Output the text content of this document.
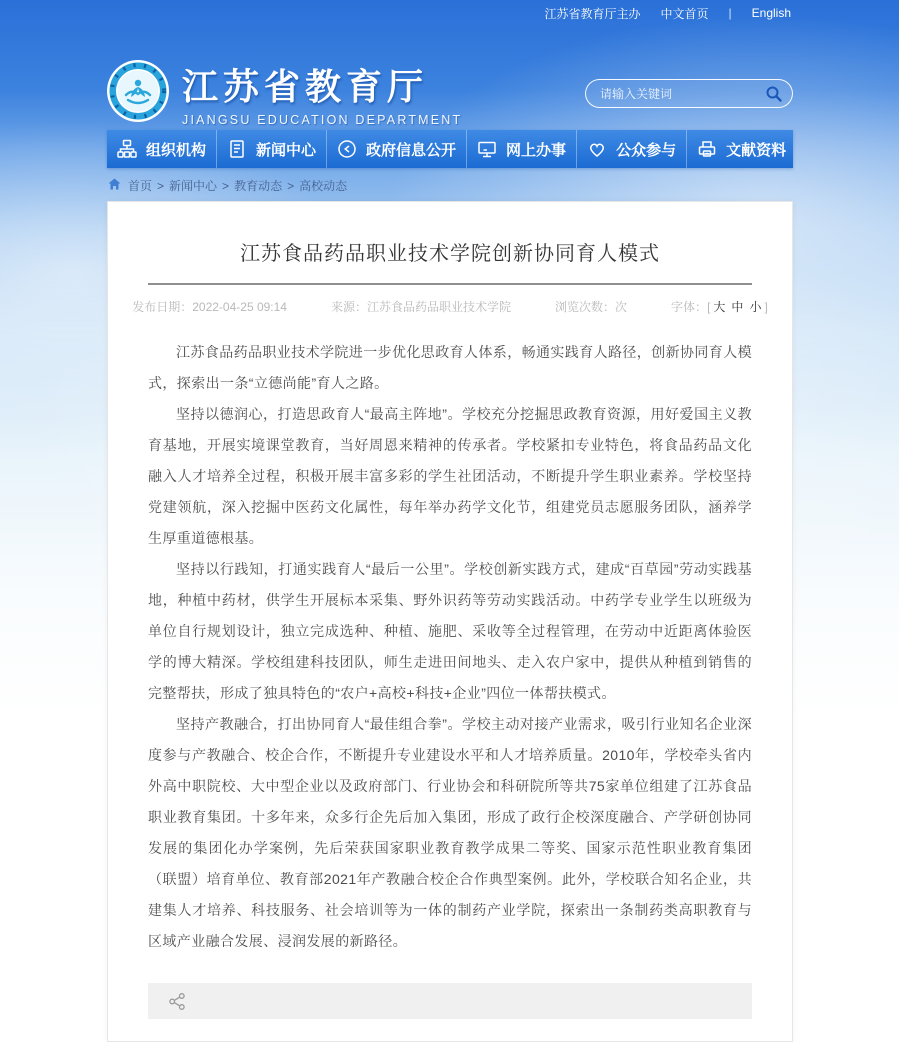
江苏省教育厅主办 中文首页 | English
江苏省教育厅
JIANGSU EDUCATION DEPARTMENT
请输入关键词
组织机构	新闻中心	政府信息公开	网上办事	公众参与	文献资料
首页 > 新闻中心 > 教育动态 > 高校动态
江苏食品药品职业技术学院创新协同育人模式
发布日期：2022-04-25 09:14	来源：江苏食品药品职业技术学院	浏览次数：次	字体：[ 大 中 小 ]

江苏食品药品职业技术学院进一步优化思政育人体系，畅通实践育人路径，创新协同育人模式，探索出一条“立德尚能”育人之路。

坚持以德润心，打造思政育人“最高主阵地”。学校充分挖掘思政教育资源，用好爱国主义教育基地，开展实境课堂教育，当好周恩来精神的传承者。学校紧扣专业特色，将食品药品文化融入人才培养全过程，积极开展丰富多彩的学生社团活动，不断提升学生职业素养。学校坚持党建领航，深入挖掘中医药文化属性，每年举办药学文化节，组建党员志愿服务团队，涵养学生厚重道德根基。

坚持以行践知，打通实践育人“最后一公里”。学校创新实践方式，建成“百草园”劳动实践基地，种植中药材，供学生开展标本采集、野外识药等劳动实践活动。中药学专业学生以班级为单位自行规划设计，独立完成选种、种植、施肥、采收等全过程管理，在劳动中近距离体验医学的博大精深。学校组建科技团队，师生走进田间地头、走入农户家中，提供从种植到销售的完整帮扶，形成了独具特色的“农户+高校+科技+企业”四位一体帮扶模式。

坚持产教融合，打出协同育人“最佳组合拳”。学校主动对接产业需求，吸引行业知名企业深度参与产教融合、校企合作，不断提升专业建设水平和人才培养质量。2010年，学校牵头省内外高中职院校、大中型企业以及政府部门、行业协会和科研院所等共75家单位组建了江苏食品职业教育集团。十多年来，众多行企先后加入集团，形成了政行企校深度融合、产学研创协同发展的集团化办学案例，先后荣获国家职业教育教学成果二等奖、国家示范性职业教育集团（联盟）培育单位、教育部2021年产教融合校企合作典型案例。此外，学校联合知名企业，共建集人才培养、科技服务、社会培训等为一体的制药产业学院，探索出一条制药类高职教育与区域产业融合发展、浸润发展的新路径。
